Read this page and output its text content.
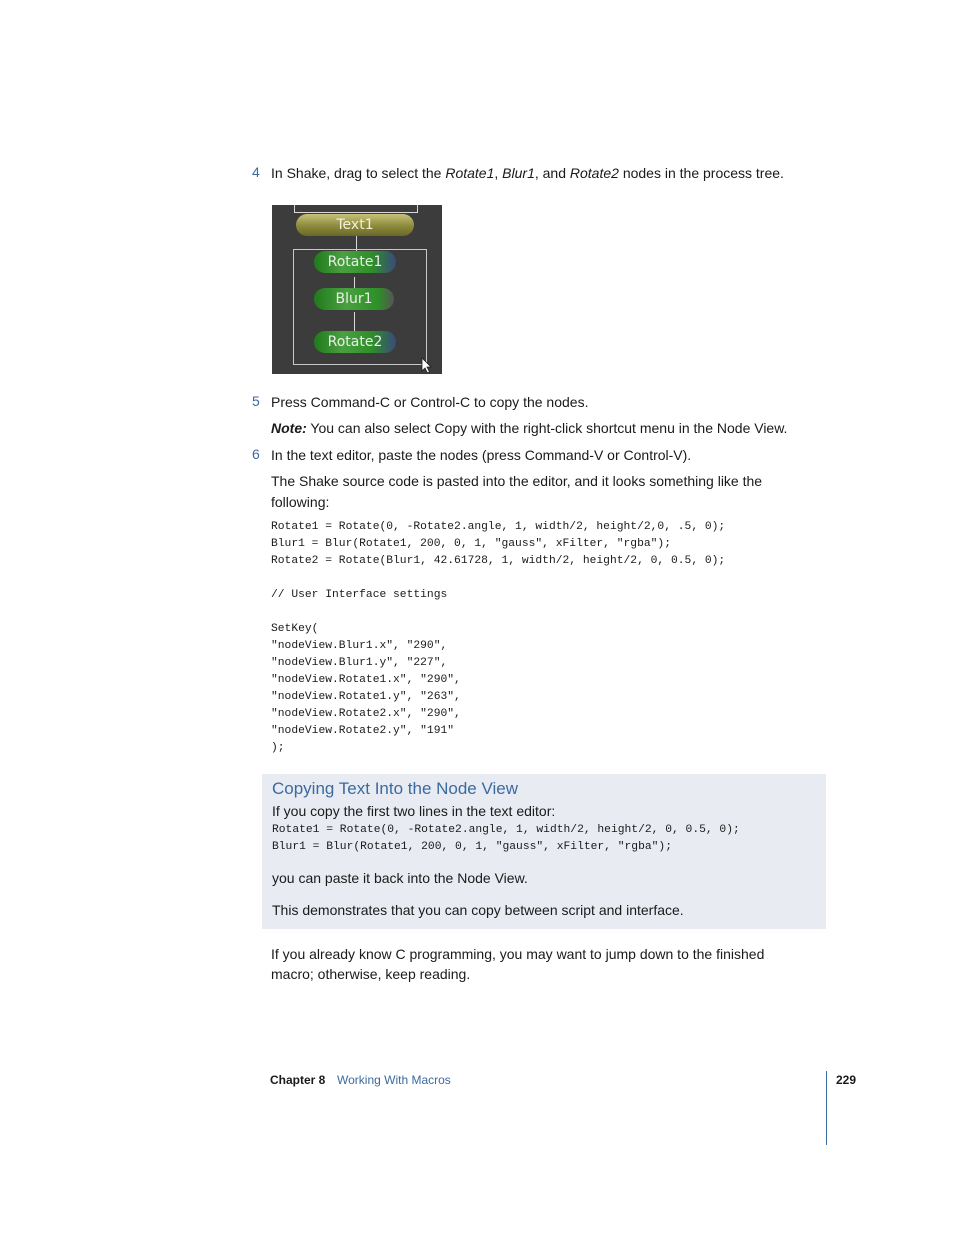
4 In Shake, drag to select the Rotate1, Blur1, and Rotate2 nodes in the process tree.
Text1
Rotate1
Blur1
Rotate2
5 Press Command-C or Control-C to copy the nodes.
Note: You can also select Copy with the right-click shortcut menu in the Node View.
6 In the text editor, paste the nodes (press Command-V or Control-V).
The Shake source code is pasted into the editor, and it looks something like the
following:
Rotate1 = Rotate(0, -Rotate2.angle, 1, width/2, height/2,0, .5, 0);
Blur1 = Blur(Rotate1, 200, 0, 1, "gauss", xFilter, "rgba");
Rotate2 = Rotate(Blur1, 42.61728, 1, width/2, height/2, 0, 0.5, 0);

// User Interface settings

SetKey(
"nodeView.Blur1.x", "290",
"nodeView.Blur1.y", "227",
"nodeView.Rotate1.x", "290",
"nodeView.Rotate1.y", "263",
"nodeView.Rotate2.x", "290",
"nodeView.Rotate2.y", "191"
);
Copying Text Into the Node View
If you copy the first two lines in the text editor:
Rotate1 = Rotate(0, -Rotate2.angle, 1, width/2, height/2, 0, 0.5, 0);
Blur1 = Blur(Rotate1, 200, 0, 1, "gauss", xFilter, "rgba");
you can paste it back into the Node View.
This demonstrates that you can copy between script and interface.
If you already know C programming, you may want to jump down to the finished
macro; otherwise, keep reading.
Chapter 8 Working With Macros	229
